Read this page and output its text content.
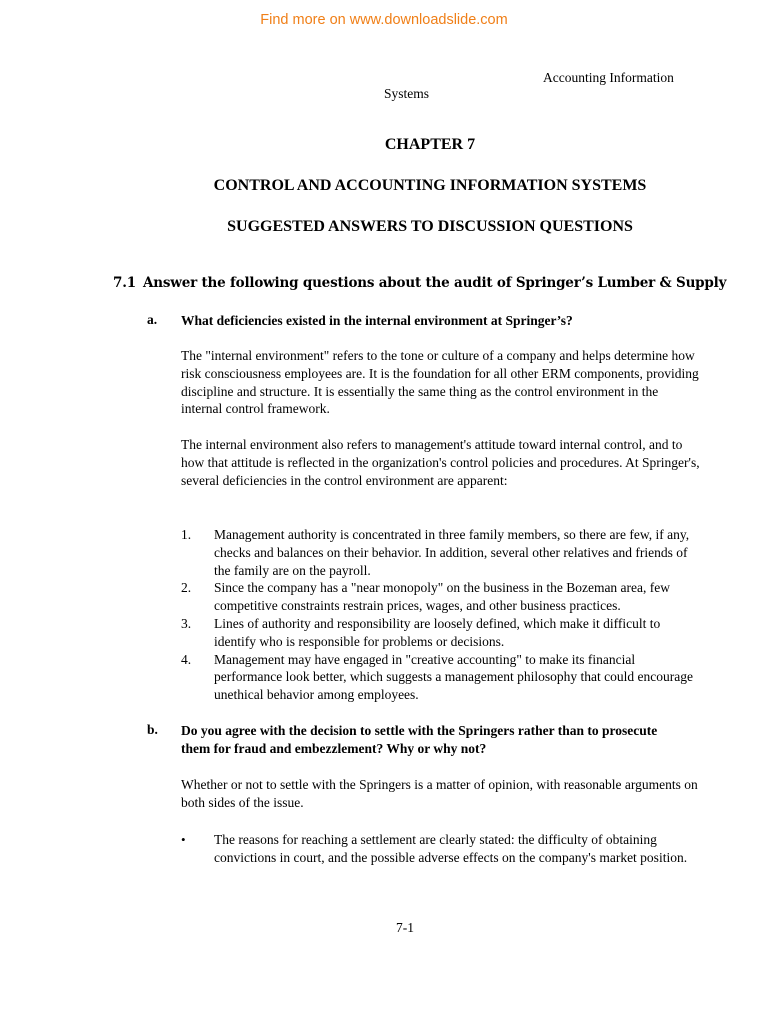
Find more on www.downloadslide.com
Accounting Information
Systems
CHAPTER 7
CONTROL AND ACCOUNTING INFORMATION SYSTEMS
SUGGESTED ANSWERS TO DISCUSSION QUESTIONS
7.1 Answer the following questions about the audit of Springer’s Lumber & Supply
a. What deficiencies existed in the internal environment at Springer’s?
The "internal environment" refers to the tone or culture of a company and helps determine how risk consciousness employees are. It is the foundation for all other ERM components, providing discipline and structure. It is essentially the same thing as the control environment in the internal control framework.
The internal environment also refers to management's attitude toward internal control, and to how that attitude is reflected in the organization's control policies and procedures. At Springer's, several deficiencies in the control environment are apparent:
1.	Management authority is concentrated in three family members, so there are few, if any, checks and balances on their behavior. In addition, several other relatives and friends of the family are on the payroll.
2.	Since the company has a "near monopoly" on the business in the Bozeman area, few competitive constraints restrain prices, wages, and other business practices.
3.	Lines of authority and responsibility are loosely defined, which make it difficult to identify who is responsible for problems or decisions.
4.	Management may have engaged in "creative accounting" to make its financial performance look better, which suggests a management philosophy that could encourage unethical behavior among employees.
b. Do you agree with the decision to settle with the Springers rather than to prosecute them for fraud and embezzlement? Why or why not?
Whether or not to settle with the Springers is a matter of opinion, with reasonable arguments on both sides of the issue.
•	The reasons for reaching a settlement are clearly stated: the difficulty of obtaining convictions in court, and the possible adverse effects on the company's market position.
7-1
